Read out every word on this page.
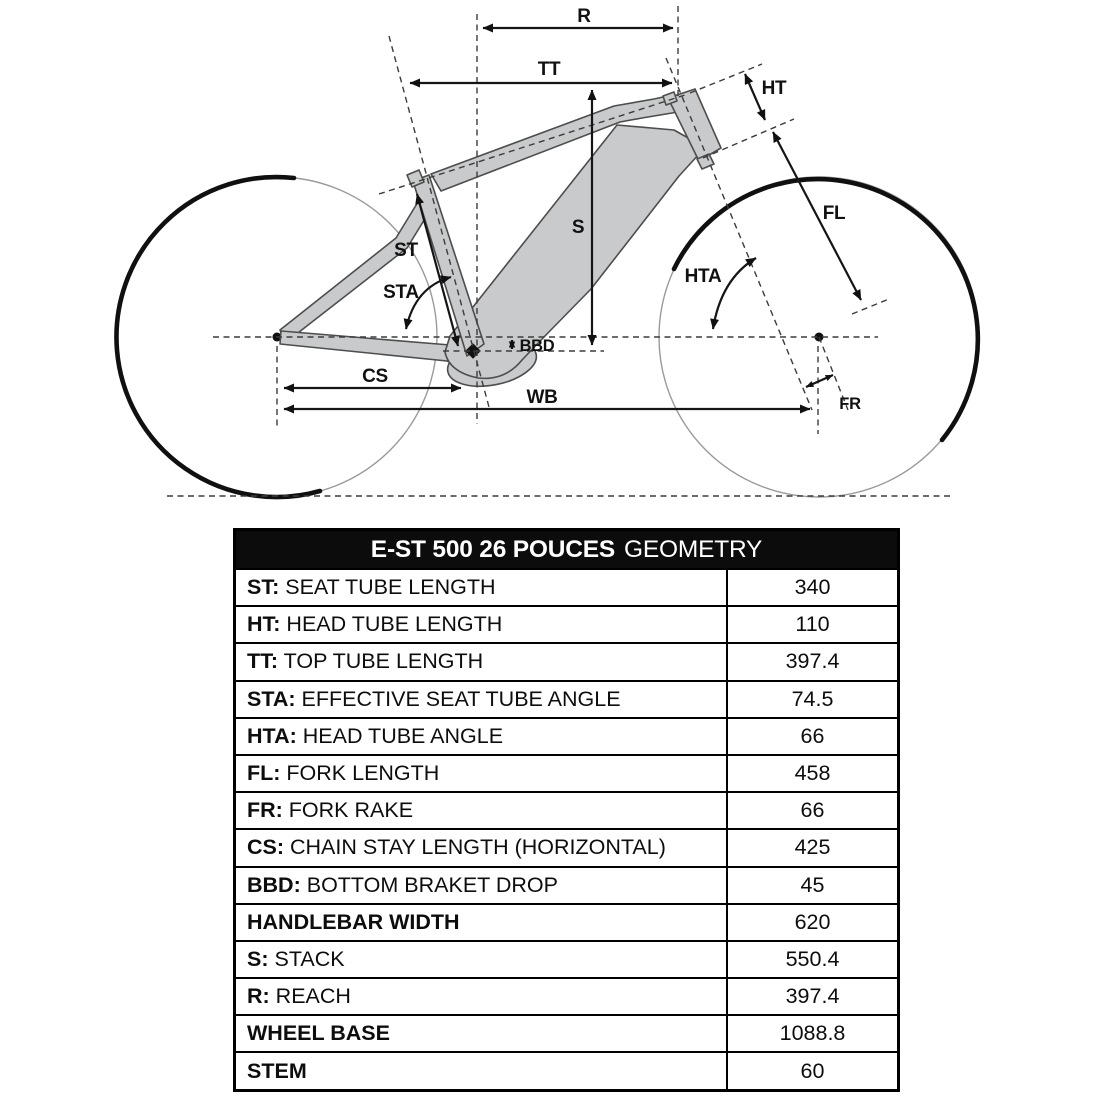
R
TT
HT
FL
S
ST
STA
HTA
CS
WB	FR
BBD
E-ST 500 26 POUCES GEOMETRY
ST: SEAT TUBE LENGTH	340
HT: HEAD TUBE LENGTH	110
TT: TOP TUBE LENGTH	397.4
STA: EFFECTIVE SEAT TUBE ANGLE	74.5
HTA: HEAD TUBE ANGLE	66
FL: FORK LENGTH	458
FR: FORK RAKE	66
CS: CHAIN STAY LENGTH (HORIZONTAL)	425
BBD: BOTTOM BRAKET DROP	45
HANDLEBAR WIDTH	620
S: STACK	550.4
R: REACH	397.4
WHEEL BASE	1088.8
STEM	60
